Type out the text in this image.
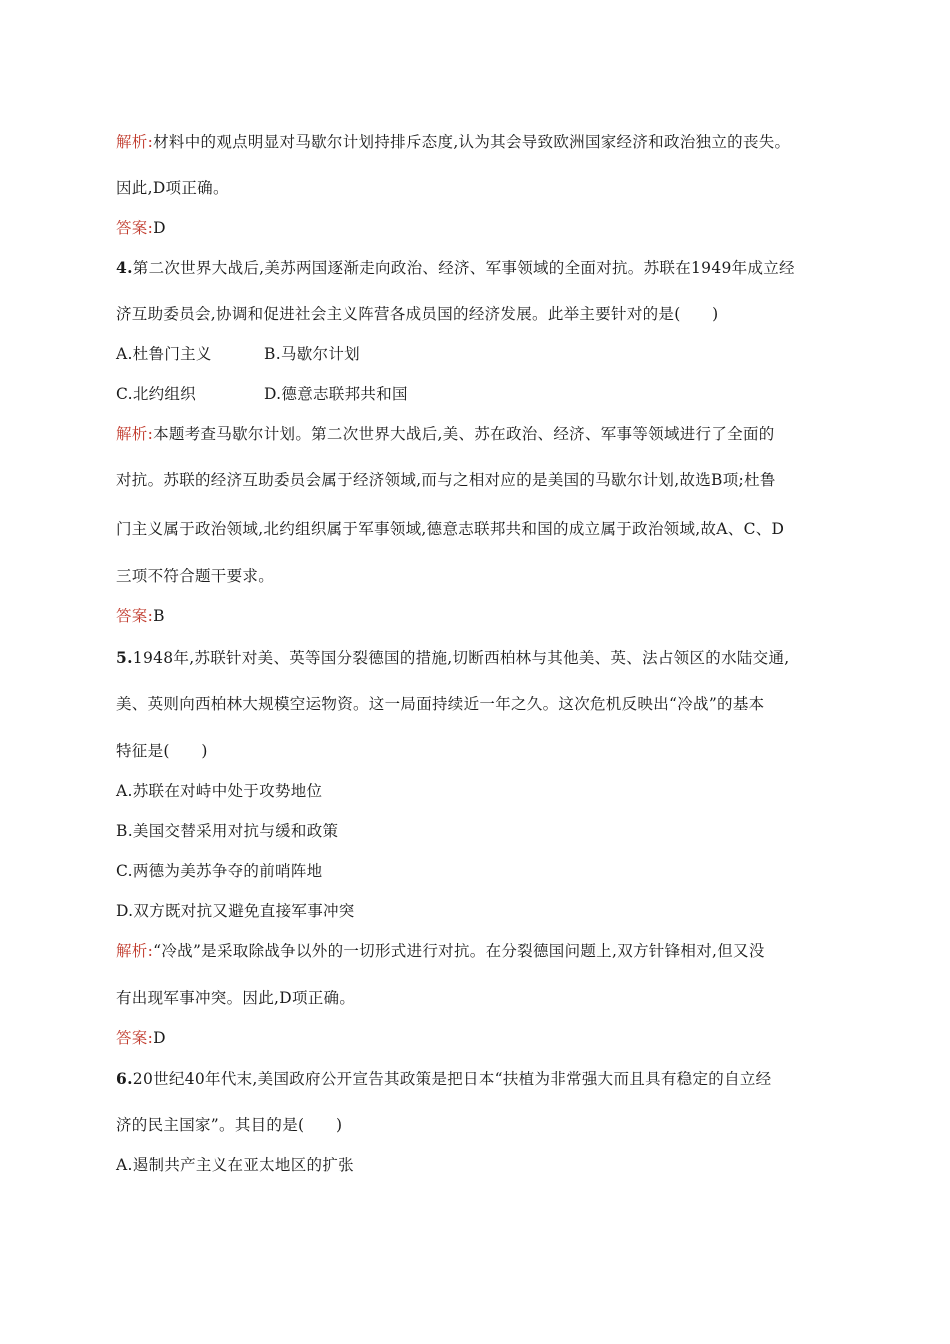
解析:材料中的观点明显对马歇尔计划持排斥态度,认为其会导致欧洲国家经济和政治独立的丧失。
因此,D项正确。
答案:D
4.第二次世界大战后,美苏两国逐渐走向政治、经济、军事领域的全面对抗。苏联在1949年成立经
济互助委员会,协调和促进社会主义阵营各成员国的经济发展。此举主要针对的是(　　)
A.杜鲁门主义	B.马歇尔计划
C.北约组织	D.德意志联邦共和国
解析:本题考查马歇尔计划。第二次世界大战后,美、苏在政治、经济、军事等领域进行了全面的
对抗。苏联的经济互助委员会属于经济领域,而与之相对应的是美国的马歇尔计划,故选B项;杜鲁
门主义属于政治领域,北约组织属于军事领域,德意志联邦共和国的成立属于政治领域,故A、C、D
三项不符合题干要求。
答案:B
5.1948年,苏联针对美、英等国分裂德国的措施,切断西柏林与其他美、英、法占领区的水陆交通,
美、英则向西柏林大规模空运物资。这一局面持续近一年之久。这次危机反映出“冷战”的基本
特征是(　　)
A.苏联在对峙中处于攻势地位
B.美国交替采用对抗与缓和政策
C.两德为美苏争夺的前哨阵地
D.双方既对抗又避免直接军事冲突
解析:“冷战”是采取除战争以外的一切形式进行对抗。在分裂德国问题上,双方针锋相对,但又没
有出现军事冲突。因此,D项正确。
答案:D
6.20世纪40年代末,美国政府公开宣告其政策是把日本“扶植为非常强大而且具有稳定的自立经
济的民主国家”。其目的是(　　)
A.遏制共产主义在亚太地区的扩张
